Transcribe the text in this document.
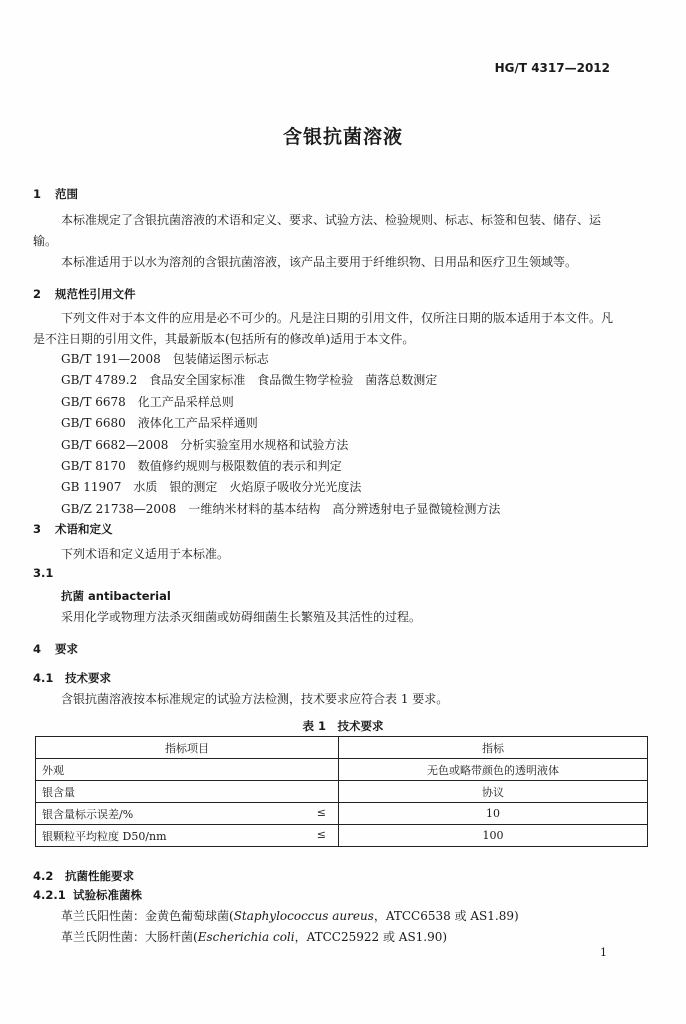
HG/T 4317—2012
含银抗菌溶液
1 范围
本标准规定了含银抗菌溶液的术语和定义、要求、试验方法、检验规则、标志、标签和包装、储存、运输。
本标准适用于以水为溶剂的含银抗菌溶液，该产品主要用于纤维织物、日用品和医疗卫生领域等。
2 规范性引用文件
下列文件对于本文件的应用是必不可少的。凡是注日期的引用文件，仅所注日期的版本适用于本文件。凡是不注日期的引用文件，其最新版本(包括所有的修改单)适用于本文件。
GB/T 191—2008　包装储运图示标志
GB/T 4789.2　食品安全国家标准　食品微生物学检验　菌落总数测定
GB/T 6678　化工产品采样总则
GB/T 6680　液体化工产品采样通则
GB/T 6682—2008　分析实验室用水规格和试验方法
GB/T 8170　数值修约规则与极限数值的表示和判定
GB 11907　水质　银的测定　火焰原子吸收分光光度法
GB/Z 21738—2008　一维纳米材料的基本结构　高分辨透射电子显微镜检测方法
3 术语和定义
下列术语和定义适用于本标准。
3.1
抗菌 antibacterial
采用化学或物理方法杀灭细菌或妨碍细菌生长繁殖及其活性的过程。
4 要求
4.1 技术要求
含银抗菌溶液按本标准规定的试验方法检测，技术要求应符合表 1 要求。
表 1　技术要求
指标项目	指标
外观	无色或略带颜色的透明液体
银含量	协议
银含量标示误差/% ≤	10
银颗粒平均粒度 D50/nm ≤	100
4.2 抗菌性能要求
4.2.1 试验标准菌株
革兰氏阳性菌：金黄色葡萄球菌(Staphylococcus aureus，ATCC6538 或 AS1.89)
革兰氏阴性菌：大肠杆菌(Escherichia coli，ATCC25922 或 AS1.90)
1
